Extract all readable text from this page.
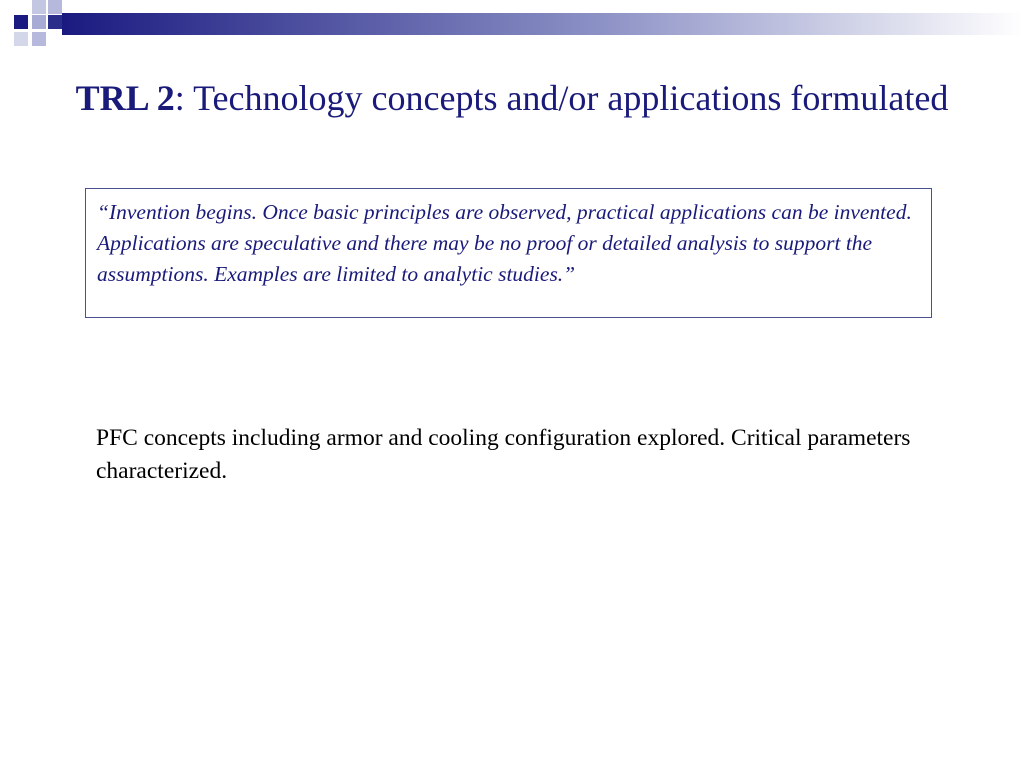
TRL 2: Technology concepts and/or applications formulated
“Invention begins. Once basic principles are observed, practical applications can be invented. Applications are speculative and there may be no proof or detailed analysis to support the assumptions. Examples are limited to analytic studies.”

PFC concepts including armor and cooling configuration explored. Critical parameters characterized.
